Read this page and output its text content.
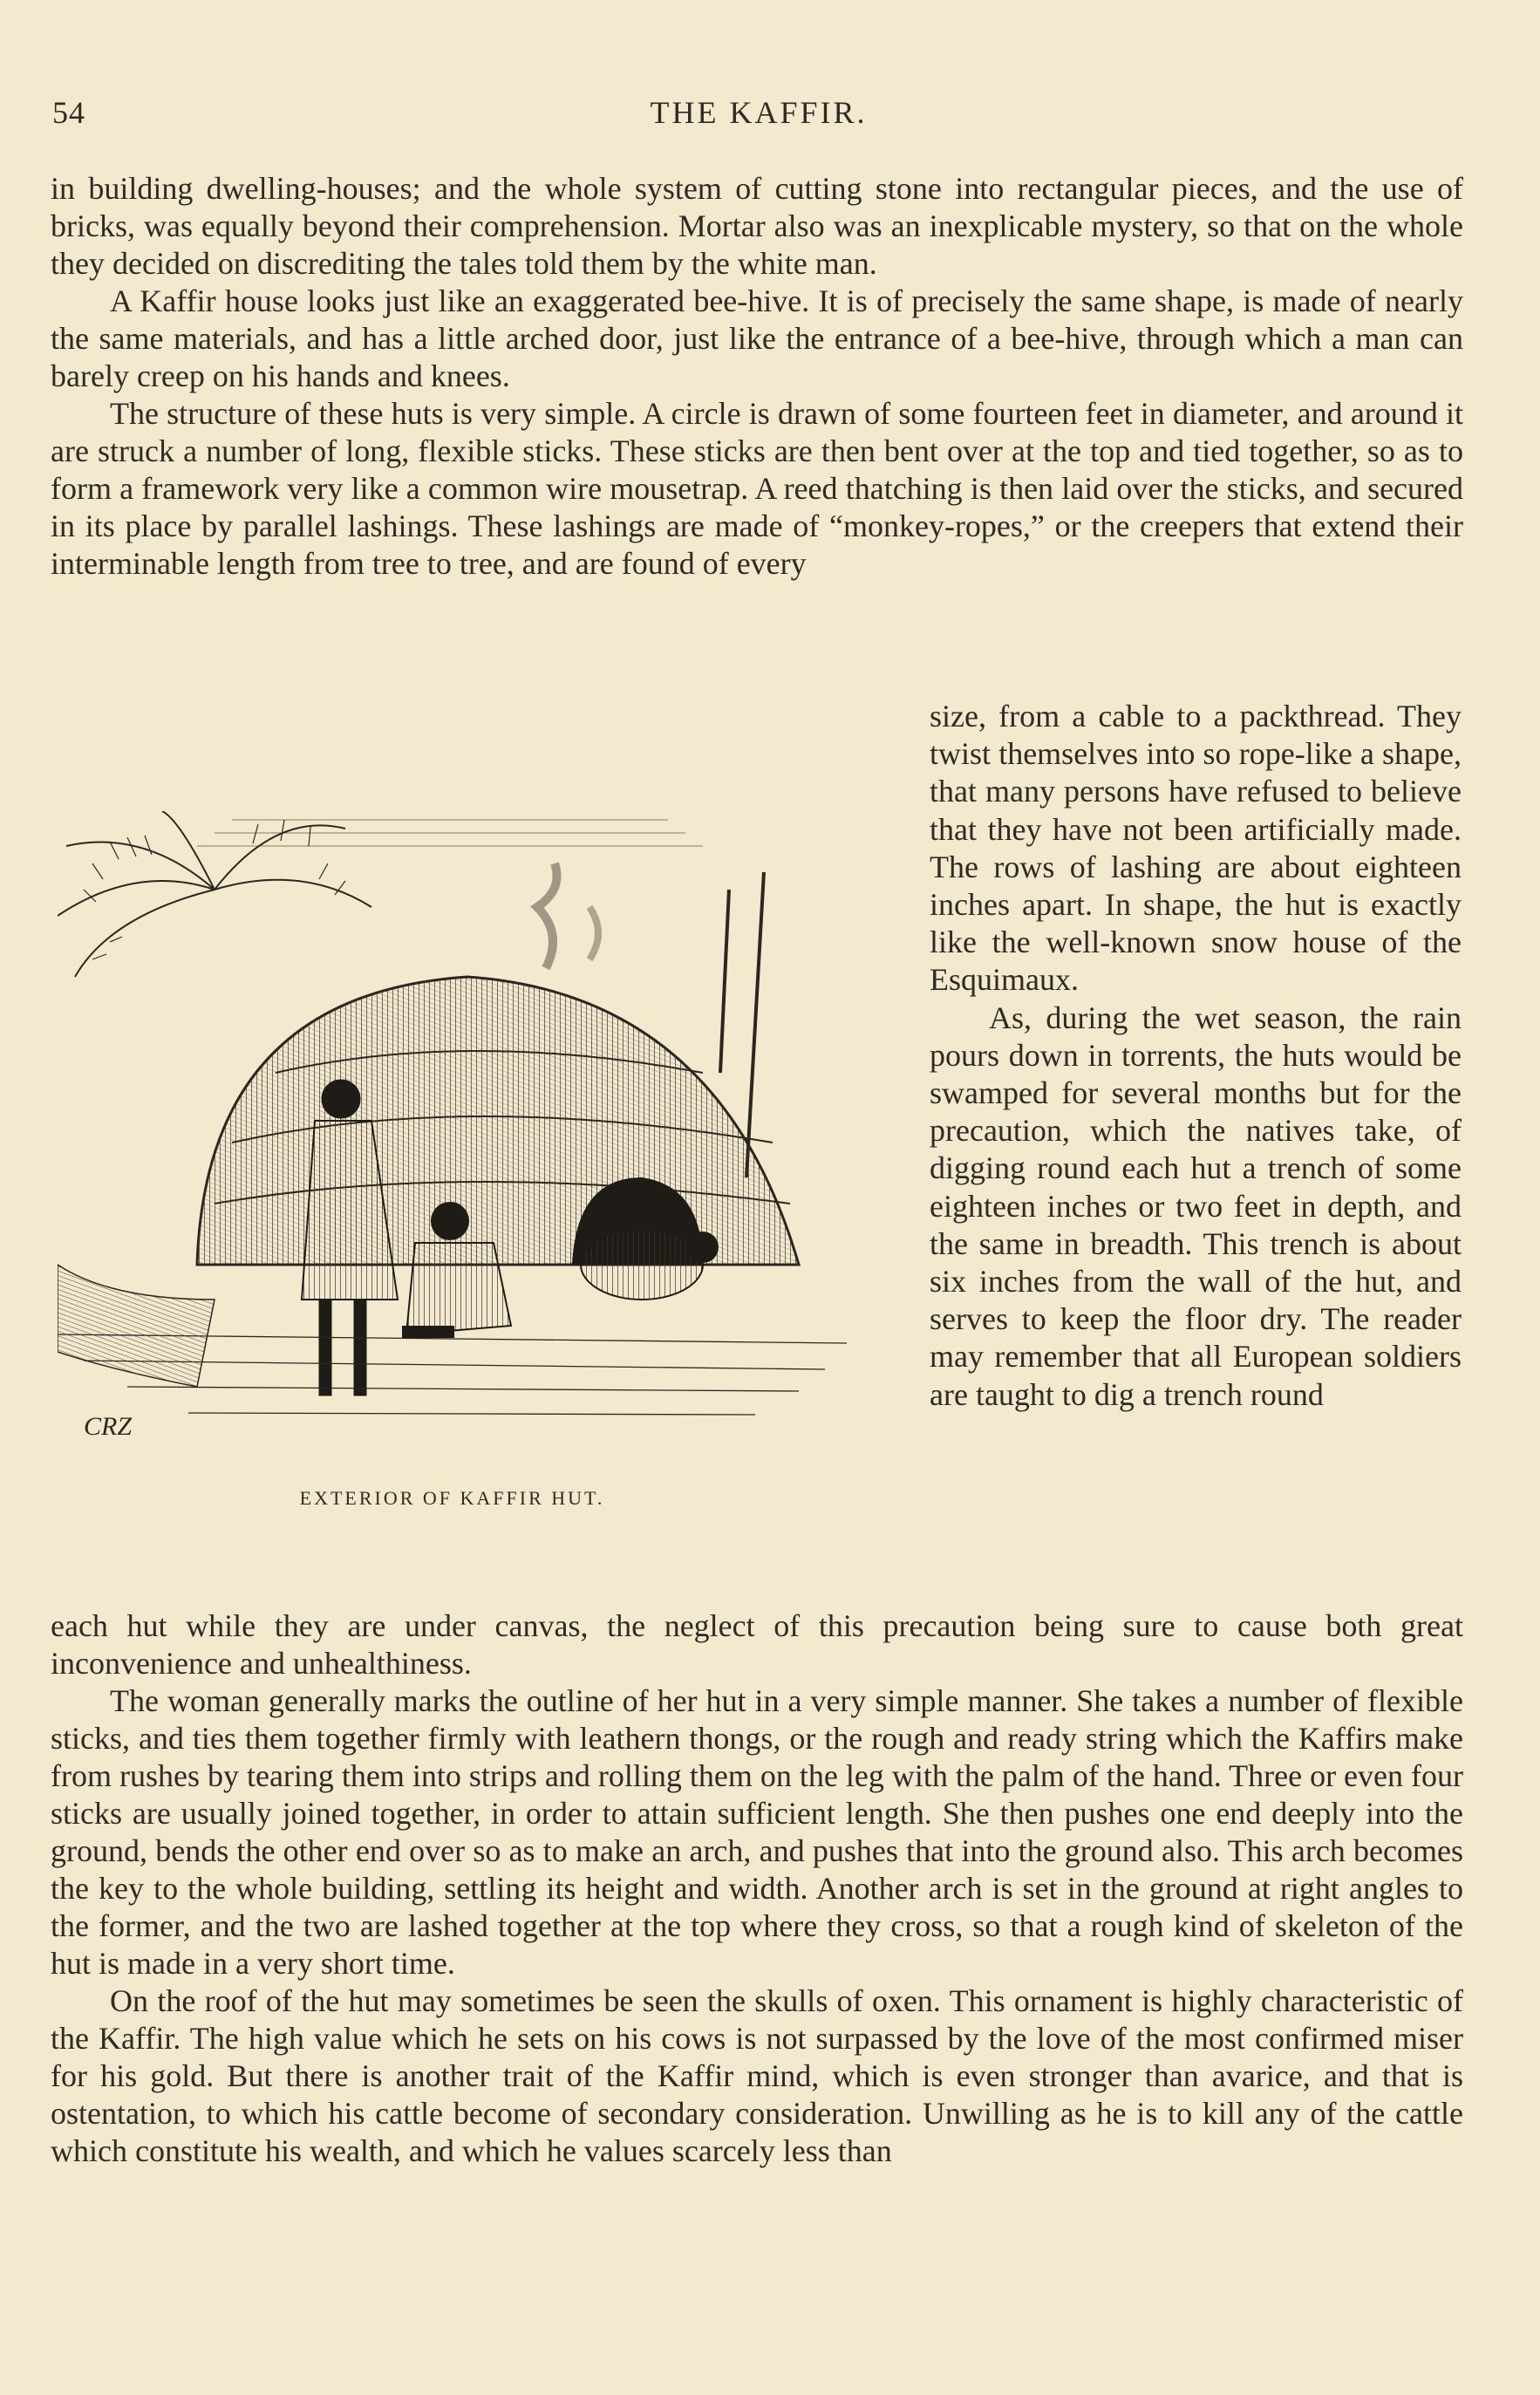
54	THE KAFFIR.

in building dwelling-houses; and the whole system of cutting stone into rectangular pieces, and the use of bricks, was equally beyond their comprehension. Mortar also was an inexplicable mystery, so that on the whole they decided on discrediting the tales told them by the white man.

A Kaffir house looks just like an exaggerated bee-hive. It is of precisely the same shape, is made of nearly the same materials, and has a little arched door, just like the entrance of a bee-hive, through which a man can barely creep on his hands and knees.

The structure of these huts is very simple. A circle is drawn of some fourteen feet in diameter, and around it are struck a number of long, flexible sticks. These sticks are then bent over at the top and tied together, so as to form a framework very like a common wire mousetrap. A reed thatching is then laid over the sticks, and secured in its place by parallel lashings. These lashings are made of “monkey-ropes,” or the creepers that extend their interminable length from tree to tree, and are found of every

CRZ
EXTERIOR OF KAFFIR HUT.

size, from a cable to a packthread. They twist themselves into so rope-like a shape, that many persons have refused to believe that they have not been artificially made. The rows of lashing are about eighteen inches apart. In shape, the hut is exactly like the well-known snow house of the Esquimaux.

As, during the wet season, the rain pours down in torrents, the huts would be swamped for several months but for the precaution, which the natives take, of digging round each hut a trench of some eighteen inches or two feet in depth, and the same in breadth. This trench is about six inches from the wall of the hut, and serves to keep the floor dry. The reader may remember that all European soldiers are taught to dig a trench round

each hut while they are under canvas, the neglect of this precaution being sure to cause both great inconvenience and unhealthiness.

The woman generally marks the outline of her hut in a very simple manner. She takes a number of flexible sticks, and ties them together firmly with leathern thongs, or the rough and ready string which the Kaffirs make from rushes by tearing them into strips and rolling them on the leg with the palm of the hand. Three or even four sticks are usually joined together, in order to attain sufficient length. She then pushes one end deeply into the ground, bends the other end over so as to make an arch, and pushes that into the ground also. This arch becomes the key to the whole building, settling its height and width. Another arch is set in the ground at right angles to the former, and the two are lashed together at the top where they cross, so that a rough kind of skeleton of the hut is made in a very short time.

On the roof of the hut may sometimes be seen the skulls of oxen. This ornament is highly characteristic of the Kaffir. The high value which he sets on his cows is not surpassed by the love of the most confirmed miser for his gold. But there is another trait of the Kaffir mind, which is even stronger than avarice, and that is ostentation, to which his cattle become of secondary consideration. Unwilling as he is to kill any of the cattle which constitute his wealth, and which he values scarcely less than
